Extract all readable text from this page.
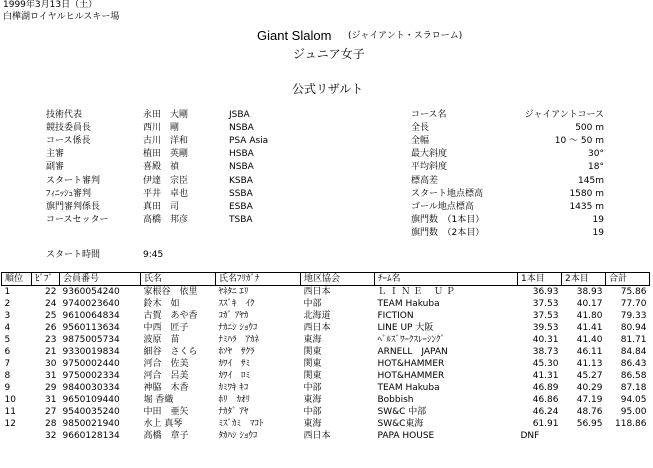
1999年3月13日（土）
白樺湖ロイヤルヒルスキー場
Giant Slalom (ジャイアント・スラローム)
ジュニア女子
公式リザルト
技術代表	永田　大剛	JSBA
競技委員長	西川　剛	NSBA
コース係長	古川　洋和	PSA Asia
主審	植田　英剛	HSBA
副審	喜殿　禎	NSBA
スタート審判	伊達　宗臣	KSBA
ﾌｨﾆｯｼｭ審判	平井　卓也	SSBA
旗門審判係長	真田　司	ESBA
コースセッター	高橋　邦彦	TSBA
コース名	ジャイアントコース
全長	500 m
全幅	10 ～ 50 m
最大斜度	30°
平均斜度	18°
標高差	145m
スタート地点標高	1580 m
ゴール地点標高	1435 m
旗門数　（1本目）	19
旗門数　（2本目）	19
スタート時間	9:45
順位	ﾋﾞﾌﾞ	会員番号	氏名	氏名ﾌﾘｶﾞﾅ	地区協会	ﾁｰﾑ名	1本目	2本目	合計
1	22	9360054240	家根谷　依里	ﾔﾈﾀﾆ ｴﾘ	西日本	Ｌ Ｉ Ｎ Ｅ　 Ｕ Ｐ	36.93	38.93	75.86
2	24	9740023640	鈴木　如	ｽｽﾞｷ　ｲｸ	中部	TEAM Hakuba	37.53	40.17	77.70
3	25	9610064834	古賀　あや香	ｺｶﾞ ｱﾔｶ	北海道	FICTION	37.53	41.80	79.33
4	26	9560113634	中西　匠子	ﾅｶﾆｼ ｼｮｳｺ	西日本	LINE UP 大阪	39.53	41.41	80.94
5	23	9875005734	波原　苗	ﾅﾐﾊﾗ　ｱｶﾈ	東海	ﾍﾞﾙｽﾞﾜｰｸｽﾚｰｼﾝｸﾞ	40.31	41.40	81.71
6	21	9330019834	細谷　さくら	ﾎｿﾔ　ｻｸﾗ	関東	ARNELL　JAPAN	38.73	46.11	84.84
7	30	9750002440	河合　佐美	ｶﾜｲ　ｻﾐ	関東	HOT&HAMMER	45.30	41.13	86.43
8	31	9750002334	河合　呂美	ｶﾜｲ　ﾛﾐ	関東	HOT&HAMMER	41.31	45.27	86.58
9	29	9840030334	神脇　木香	ｶﾐﾜｷ ｷｺ	中部	TEAM Hakuba	46.89	40.29	87.18
10	31	9650109440	堀 香織	ﾎﾘ　ｶｵﾘ	東海	Bobbish	46.86	47.19	94.05
11	27	9540035240	中田　亜矢	ﾅｶﾀﾞ ｱﾔ	中部	SW&C 中部	46.24	48.76	95.00
12	28	9850021940	水上 真琴	ﾐｽﾞｶﾐ　ﾏｺﾄ	東海	SW&C東海	61.91	56.95	118.86
	32	9660128134	高橋　章子	ﾀｶﾊｼ ｼｮｳｺ	西日本	PAPA HOUSE	DNF		
